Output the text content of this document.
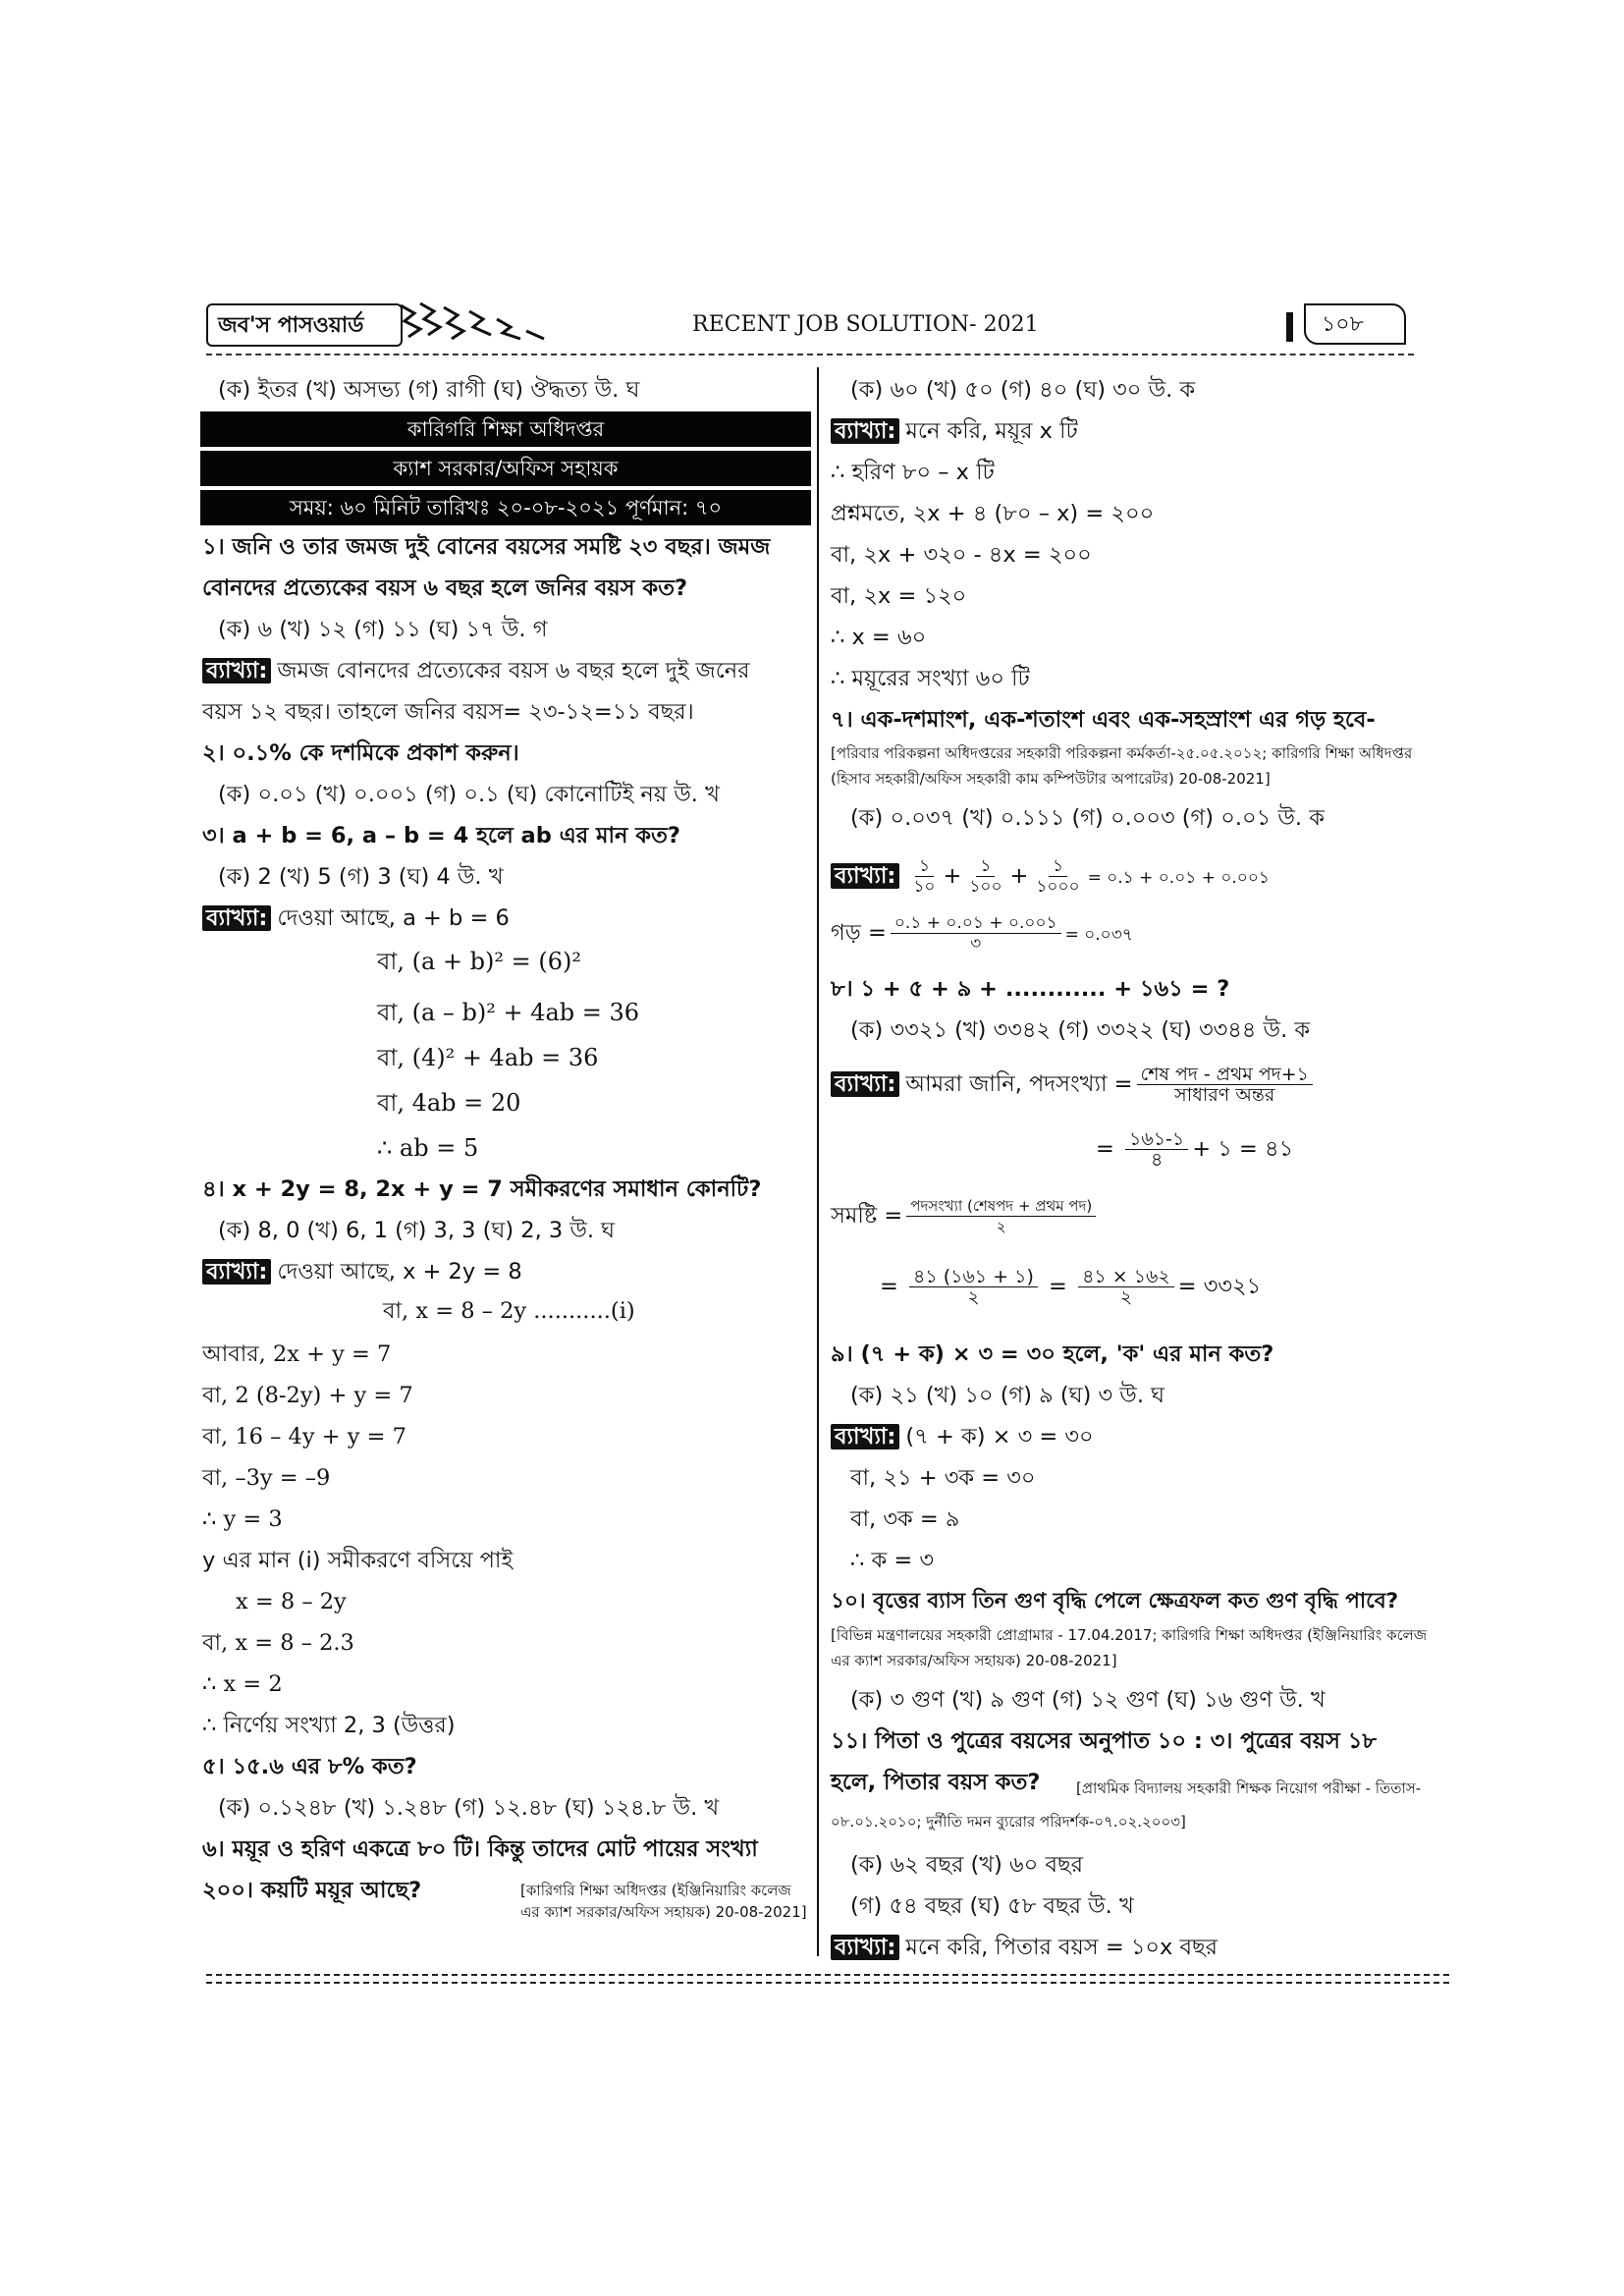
জব'স পাসওয়ার্ড	RECENT JOB SOLUTION- 2021	১০৮
(ক) ইতর (খ) অসভ্য (গ) রাগী (ঘ) ঔদ্ধত্য উ. ঘ
কারিগরি শিক্ষা অধিদপ্তর
ক্যাশ সরকার/অফিস সহায়ক
সময়: ৬০ মিনিট তারিখঃ ২০-০৮-২০২১ পূর্ণমান: ৭০
১। জনি ও তার জমজ দুই বোনের বয়সের সমষ্টি ২৩ বছর। জমজ
বোনদের প্রত্যেকের বয়স ৬ বছর হলে জনির বয়স কত?
(ক) ৬ (খ) ১২ (গ) ১১ (ঘ) ১৭ উ. গ
ব্যাখ্যা: জমজ বোনদের প্রত্যেকের বয়স ৬ বছর হলে দুই জনের
বয়স ১২ বছর। তাহলে জনির বয়স= ২৩-১২=১১ বছর।
২। ০.১% কে দশমিকে প্রকাশ করুন।
(ক) ০.০১ (খ) ০.০০১ (গ) ০.১ (ঘ) কোনোটিই নয় উ. খ
৩। a + b = 6, a – b = 4 হলে ab এর মান কত?
(ক) 2 (খ) 5 (গ) 3 (ঘ) 4 উ. খ
ব্যাখ্যা: দেওয়া আছে, a + b = 6
বা, (a + b)² = (6)²
বা, (a – b)² + 4ab = 36
বা, (4)² + 4ab = 36
বা, 4ab = 20
∴ ab = 5
৪। x + 2y = 8, 2x + y = 7 সমীকরণের সমাধান কোনটি?
(ক) 8, 0 (খ) 6, 1 (গ) 3, 3 (ঘ) 2, 3 উ. ঘ
ব্যাখ্যা: দেওয়া আছে, x + 2y = 8
বা, x = 8 – 2y ...........(i)
আবার, 2x + y = 7
বা, 2 (8-2y) + y = 7
বা, 16 – 4y + y = 7
বা, –3y = –9
∴ y = 3
y এর মান (i) সমীকরণে বসিয়ে পাই
x = 8 – 2y
বা, x = 8 – 2.3
∴ x = 2
∴ নির্ণেয় সংখ্যা 2, 3 (উত্তর)
৫। ১৫.৬ এর ৮% কত?
(ক) ০.১২৪৮ (খ) ১.২৪৮ (গ) ১২.৪৮ (ঘ) ১২৪.৮ উ. খ
৬। ময়ূর ও হরিণ একত্রে ৮০ টি। কিন্তু তাদের মোট পায়ের সংখ্যা
২০০। কয়টি ময়ূর আছে?	[কারিগরি শিক্ষা অধিদপ্তর (ইঞ্জিনিয়ারিং কলেজ এর ক্যাশ সরকার/অফিস সহায়ক) 20-08-2021]
(ক) ৬০ (খ) ৫০ (গ) ৪০ (ঘ) ৩০ উ. ক
ব্যাখ্যা: মনে করি, ময়ূর x টি
∴ হরিণ ৮০ – x টি
প্রশ্নমতে, ২x + ৪ (৮০ – x) = ২০০
বা, ২x + ৩২০ - ৪x = ২০০
বা, ২x = ১২০
∴ x = ৬০
∴ ময়ূরের সংখ্যা ৬০ টি
৭। এক-দশমাংশ, এক-শতাংশ এবং এক-সহস্রাংশ এর গড় হবে-
[পরিবার পরিকল্পনা অধিদপ্তরের সহকারী পরিকল্পনা কর্মকর্তা-২৫.০৫.২০১২; কারিগরি শিক্ষা অধিদপ্তর (হিসাব সহকারী/অফিস সহকারী কাম কম্পিউটার অপারেটর) 20-08-2021]
(ক) ০.০৩৭ (খ) ০.১১১ (গ) ০.০০৩ (গ) ০.০১ উ. ক
ব্যাখ্যা: $\frac{১}{১০} + \frac{১}{১০০} + \frac{১}{১০০০}$ = ০.১ + ০.০১ + ০.০০১
গড় = $\frac{০.১ + ০.০১ + ০.০০১}{৩}$ = ০.০৩৭
৮। ১ + ৫ + ৯ + ............ + ১৬১ = ?
(ক) ৩৩২১ (খ) ৩৩৪২ (গ) ৩৩২২ (ঘ) ৩৩৪৪ উ. ক
ব্যাখ্যা: আমরা জানি, পদসংখ্যা = $\frac{\text{শেষ পদ - প্রথম পদ+১}}{\text{সাধারণ অন্তর}}$
= $\frac{১৬১-১}{৪}$ + ১ = ৪১
সমষ্টি = $\frac{\text{পদসংখ্যা (শেষপদ + প্রথম পদ)}}{২}$
= $\frac{৪১ (১৬১ + ১)}{২} = \frac{৪১ \times ১৬২}{২}$ = ৩৩২১
৯। (৭ + ক) × ৩ = ৩০ হলে, 'ক' এর মান কত?
(ক) ২১ (খ) ১০ (গ) ৯ (ঘ) ৩ উ. ঘ
ব্যাখ্যা: (৭ + ক) × ৩ = ৩০
বা, ২১ + ৩ক = ৩০
বা, ৩ক = ৯
∴ ক = ৩
১০। বৃত্তের ব্যাস তিন গুণ বৃদ্ধি পেলে ক্ষেত্রফল কত গুণ বৃদ্ধি পাবে?
[বিভিন্ন মন্ত্রণালয়ের সহকারী প্রোগ্রামার - 17.04.2017; কারিগরি শিক্ষা অধিদপ্তর (ইঞ্জিনিয়ারিং কলেজ এর ক্যাশ সরকার/অফিস সহায়ক) 20-08-2021]
(ক) ৩ গুণ (খ) ৯ গুণ (গ) ১২ গুণ (ঘ) ১৬ গুণ উ. খ
১১। পিতা ও পুত্রের বয়সের অনুপাত ১০ : ৩। পুত্রের বয়স ১৮
হলে, পিতার বয়স কত?	[প্রাথমিক বিদ্যালয় সহকারী শিক্ষক নিয়োগ পরীক্ষা - তিতাস- ০৮.০১.২০১০; দুর্নীতি দমন ব্যুরোর পরিদর্শক-০৭.০২.২০০৩]
(ক) ৬২ বছর (খ) ৬০ বছর
(গ) ৫৪ বছর (ঘ) ৫৮ বছর উ. খ
ব্যাখ্যা: মনে করি, পিতার বয়স = ১০x বছর
